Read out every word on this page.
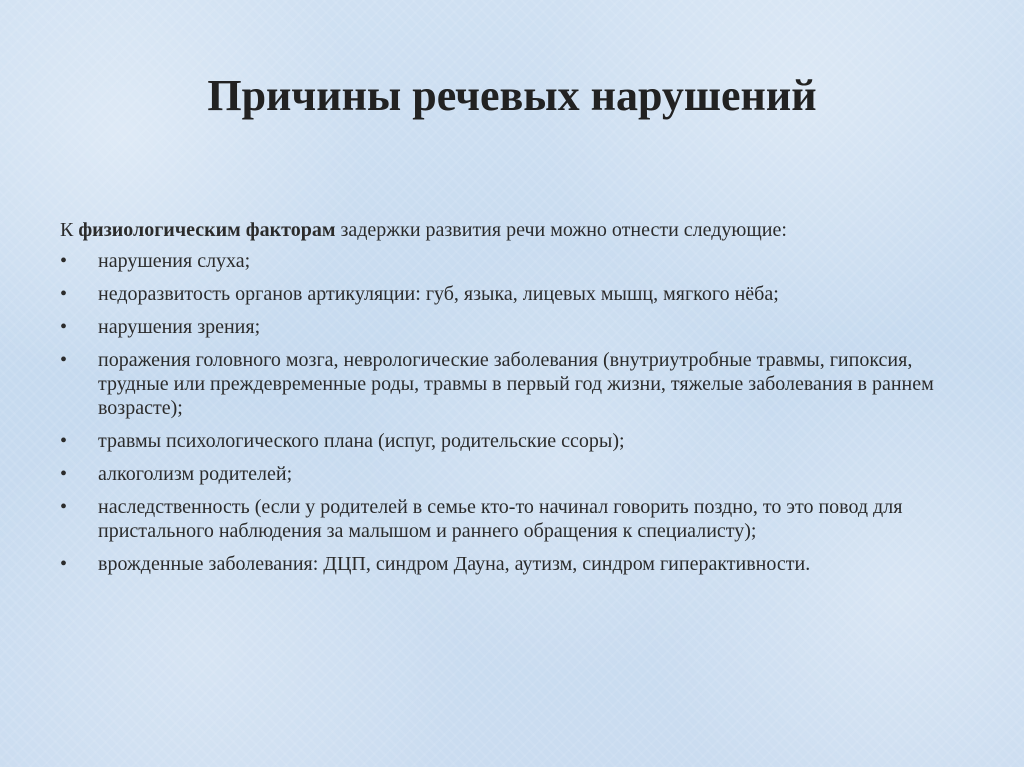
Причины речевых нарушений

К физиологическим факторам задержки развития речи можно отнести следующие:

• нарушения слуха;
• недоразвитость органов артикуляции: губ, языка, лицевых мышц, мягкого нёба;
• нарушения зрения;
• поражения головного мозга, неврологические заболевания (внутриутробные травмы, гипоксия, трудные или преждевременные роды, травмы в первый год жизни, тяжелые заболевания в раннем возрасте);
• травмы психологического плана (испуг, родительские ссоры);
• алкоголизм родителей;
• наследственность (если у родителей в семье кто-то начинал говорить поздно, то это повод для пристального наблюдения за малышом и раннего обращения к специалисту);
• врожденные заболевания: ДЦП, синдром Дауна, аутизм, синдром гиперактивности.
